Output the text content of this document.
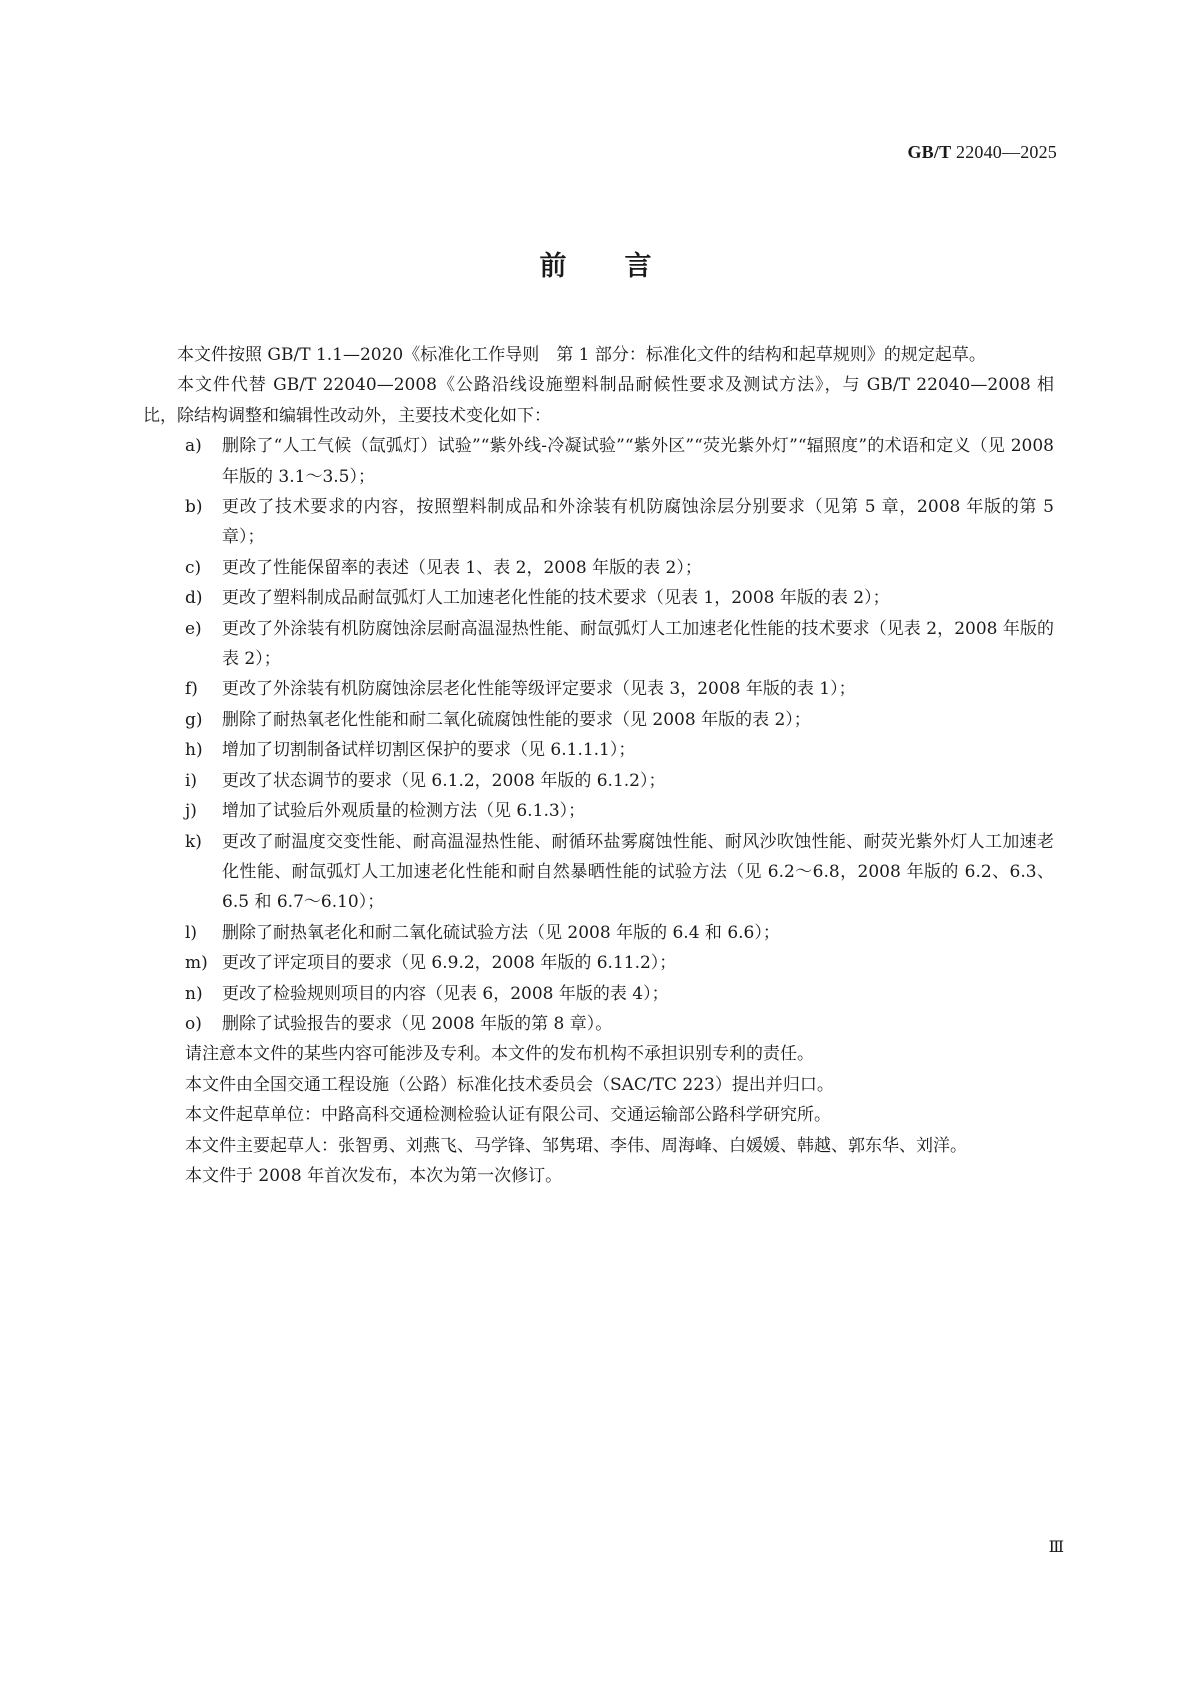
GB/T 22040—2025
前言

本文件按照 GB/T 1.1—2020《标准化工作导则　第 1 部分：标准化文件的结构和起草规则》的规定起草。

本文件代替 GB/T 22040—2008《公路沿线设施塑料制品耐候性要求及测试方法》，与 GB/T 22040—2008 相比，除结构调整和编辑性改动外，主要技术变化如下：

a)	删除了“人工气候（氙弧灯）试验”“紫外线-冷凝试验”“紫外区”“荧光紫外灯”“辐照度”的术语和定义（见 2008 年版的 3.1～3.5）；
b)	更改了技术要求的内容，按照塑料制成品和外涂装有机防腐蚀涂层分别要求（见第 5 章，2008 年版的第 5 章）；
c)	更改了性能保留率的表述（见表 1、表 2，2008 年版的表 2）；
d)	更改了塑料制成品耐氙弧灯人工加速老化性能的技术要求（见表 1，2008 年版的表 2）；
e)	更改了外涂装有机防腐蚀涂层耐高温湿热性能、耐氙弧灯人工加速老化性能的技术要求（见表 2，2008 年版的表 2）；
f)	更改了外涂装有机防腐蚀涂层老化性能等级评定要求（见表 3，2008 年版的表 1）；
g)	删除了耐热氧老化性能和耐二氧化硫腐蚀性能的要求（见 2008 年版的表 2）；
h)	增加了切割制备试样切割区保护的要求（见 6.1.1.1）；
i)	更改了状态调节的要求（见 6.1.2，2008 年版的 6.1.2）；
j)	增加了试验后外观质量的检测方法（见 6.1.3）；
k)	更改了耐温度交变性能、耐高温湿热性能、耐循环盐雾腐蚀性能、耐风沙吹蚀性能、耐荧光紫外灯人工加速老化性能、耐氙弧灯人工加速老化性能和耐自然暴晒性能的试验方法（见 6.2～6.8，2008 年版的 6.2、6.3、6.5 和 6.7～6.10）；
l)	删除了耐热氧老化和耐二氧化硫试验方法（见 2008 年版的 6.4 和 6.6）；
m) 更改了评定项目的要求（见 6.9.2，2008 年版的 6.11.2）；
n)	更改了检验规则项目的内容（见表 6，2008 年版的表 4）；
o)	删除了试验报告的要求（见 2008 年版的第 8 章）。

请注意本文件的某些内容可能涉及专利。本文件的发布机构不承担识别专利的责任。

本文件由全国交通工程设施（公路）标准化技术委员会（SAC/TC 223）提出并归口。

本文件起草单位：中路高科交通检测检验认证有限公司、交通运输部公路科学研究所。

本文件主要起草人：张智勇、刘燕飞、马学锋、邹隽珺、李伟、周海峰、白媛媛、韩越、郭东华、刘洋。

本文件于 2008 年首次发布，本次为第一次修订。

Ⅲ
